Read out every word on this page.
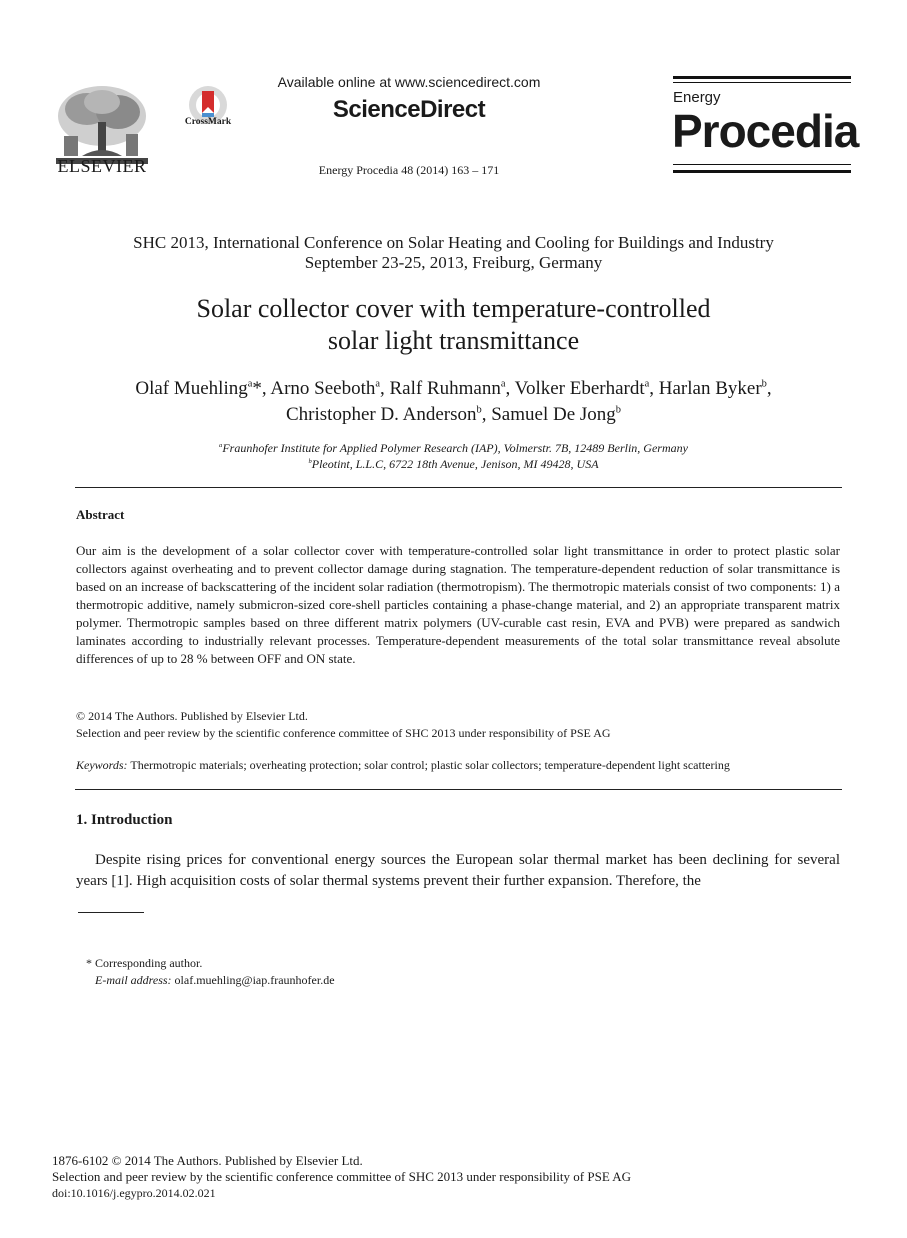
ELSEVIER
CrossMark
Available online at www.sciencedirect.com
ScienceDirect
Energy Procedia 48 (2014) 163 – 171
Energy
Procedia
SHC 2013, International Conference on Solar Heating and Cooling for Buildings and Industry
September 23-25, 2013, Freiburg, Germany
Solar collector cover with temperature-controlled
solar light transmittance
Olaf Muehling$^a$*, Arno Seeboth$^a$, Ralf Ruhmann$^a$, Volker Eberhardt$^a$, Harlan Byker$^b$,
Christopher D. Anderson$^b$, Samuel De Jong$^b$
$^a$Fraunhofer Institute for Applied Polymer Research (IAP), Volmerstr. 7B, 12489 Berlin, Germany
$^b$Pleotint, L.L.C, 6722 18th Avenue, Jenison, MI 49428, USA
Abstract

Our aim is the development of a solar collector cover with temperature-controlled solar light transmittance in order to protect plastic solar collectors against overheating and to prevent collector damage during stagnation. The temperature-dependent reduction of solar transmittance is based on an increase of backscattering of the incident solar radiation (thermotropism). The thermotropic materials consist of two components: 1) a thermotropic additive, namely submicron-sized core-shell particles containing a phase-change material, and 2) an appropriate transparent matrix polymer. Thermotropic samples based on three different matrix polymers (UV-curable cast resin, EVA and PVB) were prepared as sandwich laminates according to industrially relevant processes. Temperature-dependent measurements of the total solar transmittance reveal absolute differences of up to 28 % between OFF and ON state.

© 2014 The Authors. Published by Elsevier Ltd.
Selection and peer review by the scientific conference committee of SHC 2013 under responsibility of PSE AG
Keywords: Thermotropic materials; overheating protection; solar control; plastic solar collectors; temperature-dependent light scattering
1. Introduction
Despite rising prices for conventional energy sources the European solar thermal market has been declining for several years [1]. High acquisition costs of solar thermal systems prevent their further expansion. Therefore, the
* Corresponding author.
E-mail address: olaf.muehling@iap.fraunhofer.de
1876-6102 © 2014 The Authors. Published by Elsevier Ltd.
Selection and peer review by the scientific conference committee of SHC 2013 under responsibility of PSE AG
doi:10.1016/j.egypro.2014.02.021
